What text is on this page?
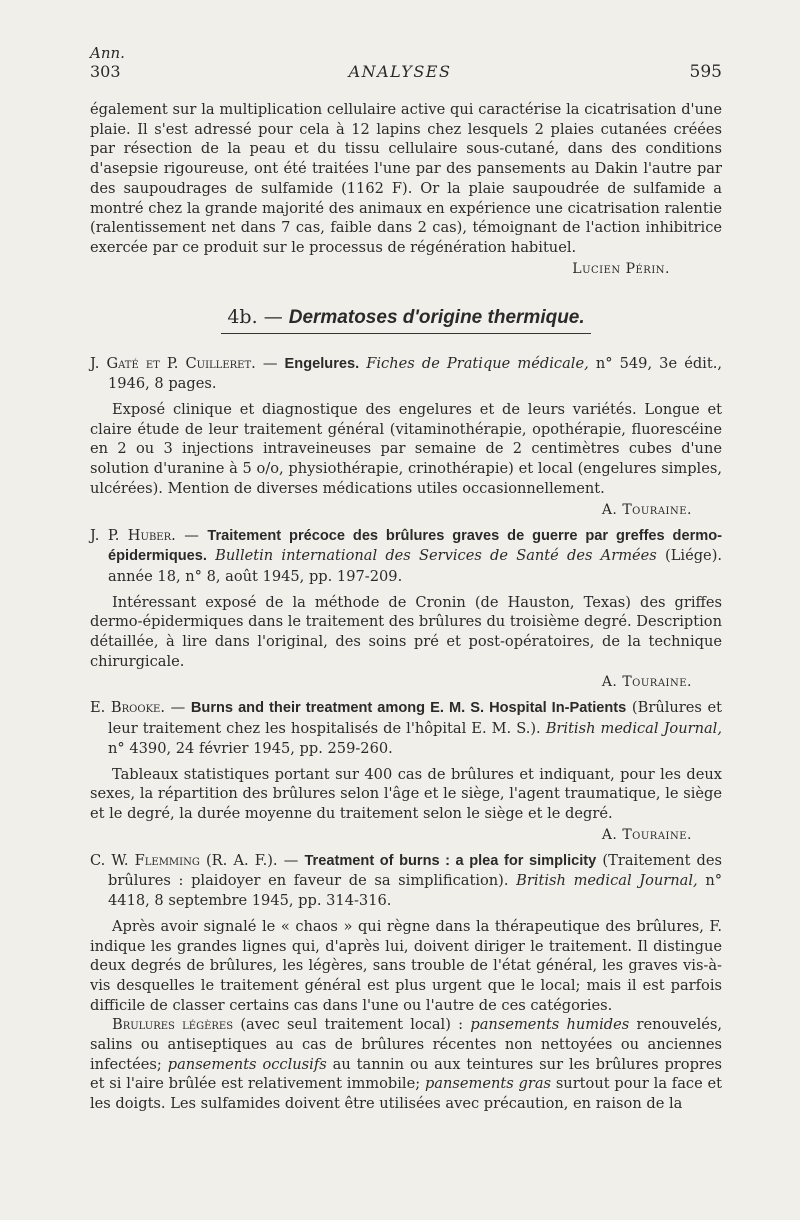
Ann.
303	ANALYSES	595

également sur la multiplication cellulaire active qui caractérise la cicatrisation d'une plaie. Il s'est adressé pour cela à 12 lapins chez lesquels 2 plaies cutanées créées par résection de la peau et du tissu cellulaire sous-cutané, dans des conditions d'asepsie rigoureuse, ont été traitées l'une par des pansements au Dakin l'autre par des saupoudrages de sulfamide (1162 F). Or la plaie saupoudrée de sulfamide a montré chez la grande majorité des animaux en expérience une cicatrisation ralentie (ralentissement net dans 7 cas, faible dans 2 cas), témoignant de l'action inhibitrice exercée par ce produit sur le processus de régénération habituel.

Lucien Périn.
4b. — Dermatoses d'origine thermique.

J. Gaté et P. Cuilleret. — Engelures. Fiches de Pratique médicale, n° 549, 3e édit., 1946, 8 pages.

Exposé clinique et diagnostique des engelures et de leurs variétés. Longue et claire étude de leur traitement général (vitaminothérapie, opothérapie, fluorescéine en 2 ou 3 injections intraveineuses par semaine de 2 centimètres cubes d'une solution d'uranine à 5 o/o, physiothérapie, crinothérapie) et local (engelures simples, ulcérées). Mention de diverses médications utiles occasionnellement.

A. Touraine.

J. P. Huber. — Traitement précoce des brûlures graves de guerre par greffes dermo-épidermiques. Bulletin international des Services de Santé des Armées (Liége). année 18, n° 8, août 1945, pp. 197-209.

Intéressant exposé de la méthode de Cronin (de Hauston, Texas) des griffes dermo-épidermiques dans le traitement des brûlures du troisième degré. Description détaillée, à lire dans l'original, des soins pré et post-opératoires, de la technique chirurgicale.

A. Touraine.

E. Brooke. — Burns and their treatment among E. M. S. Hospital In-Patients (Brûlures et leur traitement chez les hospitalisés de l'hôpital E. M. S.). British medical Journal, n° 4390, 24 février 1945, pp. 259-260.

Tableaux statistiques portant sur 400 cas de brûlures et indiquant, pour les deux sexes, la répartition des brûlures selon l'âge et le siège, l'agent traumatique, le siège et le degré, la durée moyenne du traitement selon le siège et le degré.

A. Touraine.

C. W. Flemming (R. A. F.). — Treatment of burns : a plea for simplicity (Traitement des brûlures : plaidoyer en faveur de sa simplification). British medical Journal, n° 4418, 8 septembre 1945, pp. 314-316.

Après avoir signalé le « chaos » qui règne dans la thérapeutique des brûlures, F. indique les grandes lignes qui, d'après lui, doivent diriger le traitement. Il distingue deux degrés de brûlures, les légères, sans trouble de l'état général, les graves vis-à-vis desquelles le traitement général est plus urgent que le local; mais il est parfois difficile de classer certains cas dans l'une ou l'autre de ces catégories.

Brulures légères (avec seul traitement local) : pansements humides renouvelés, salins ou antiseptiques au cas de brûlures récentes non nettoyées ou anciennes infectées; pansements occlusifs au tannin ou aux teintures sur les brûlures propres et si l'aire brûlée est relativement immobile; pansements gras surtout pour la face et les doigts. Les sulfamides doivent être utilisées avec précaution, en raison de la
